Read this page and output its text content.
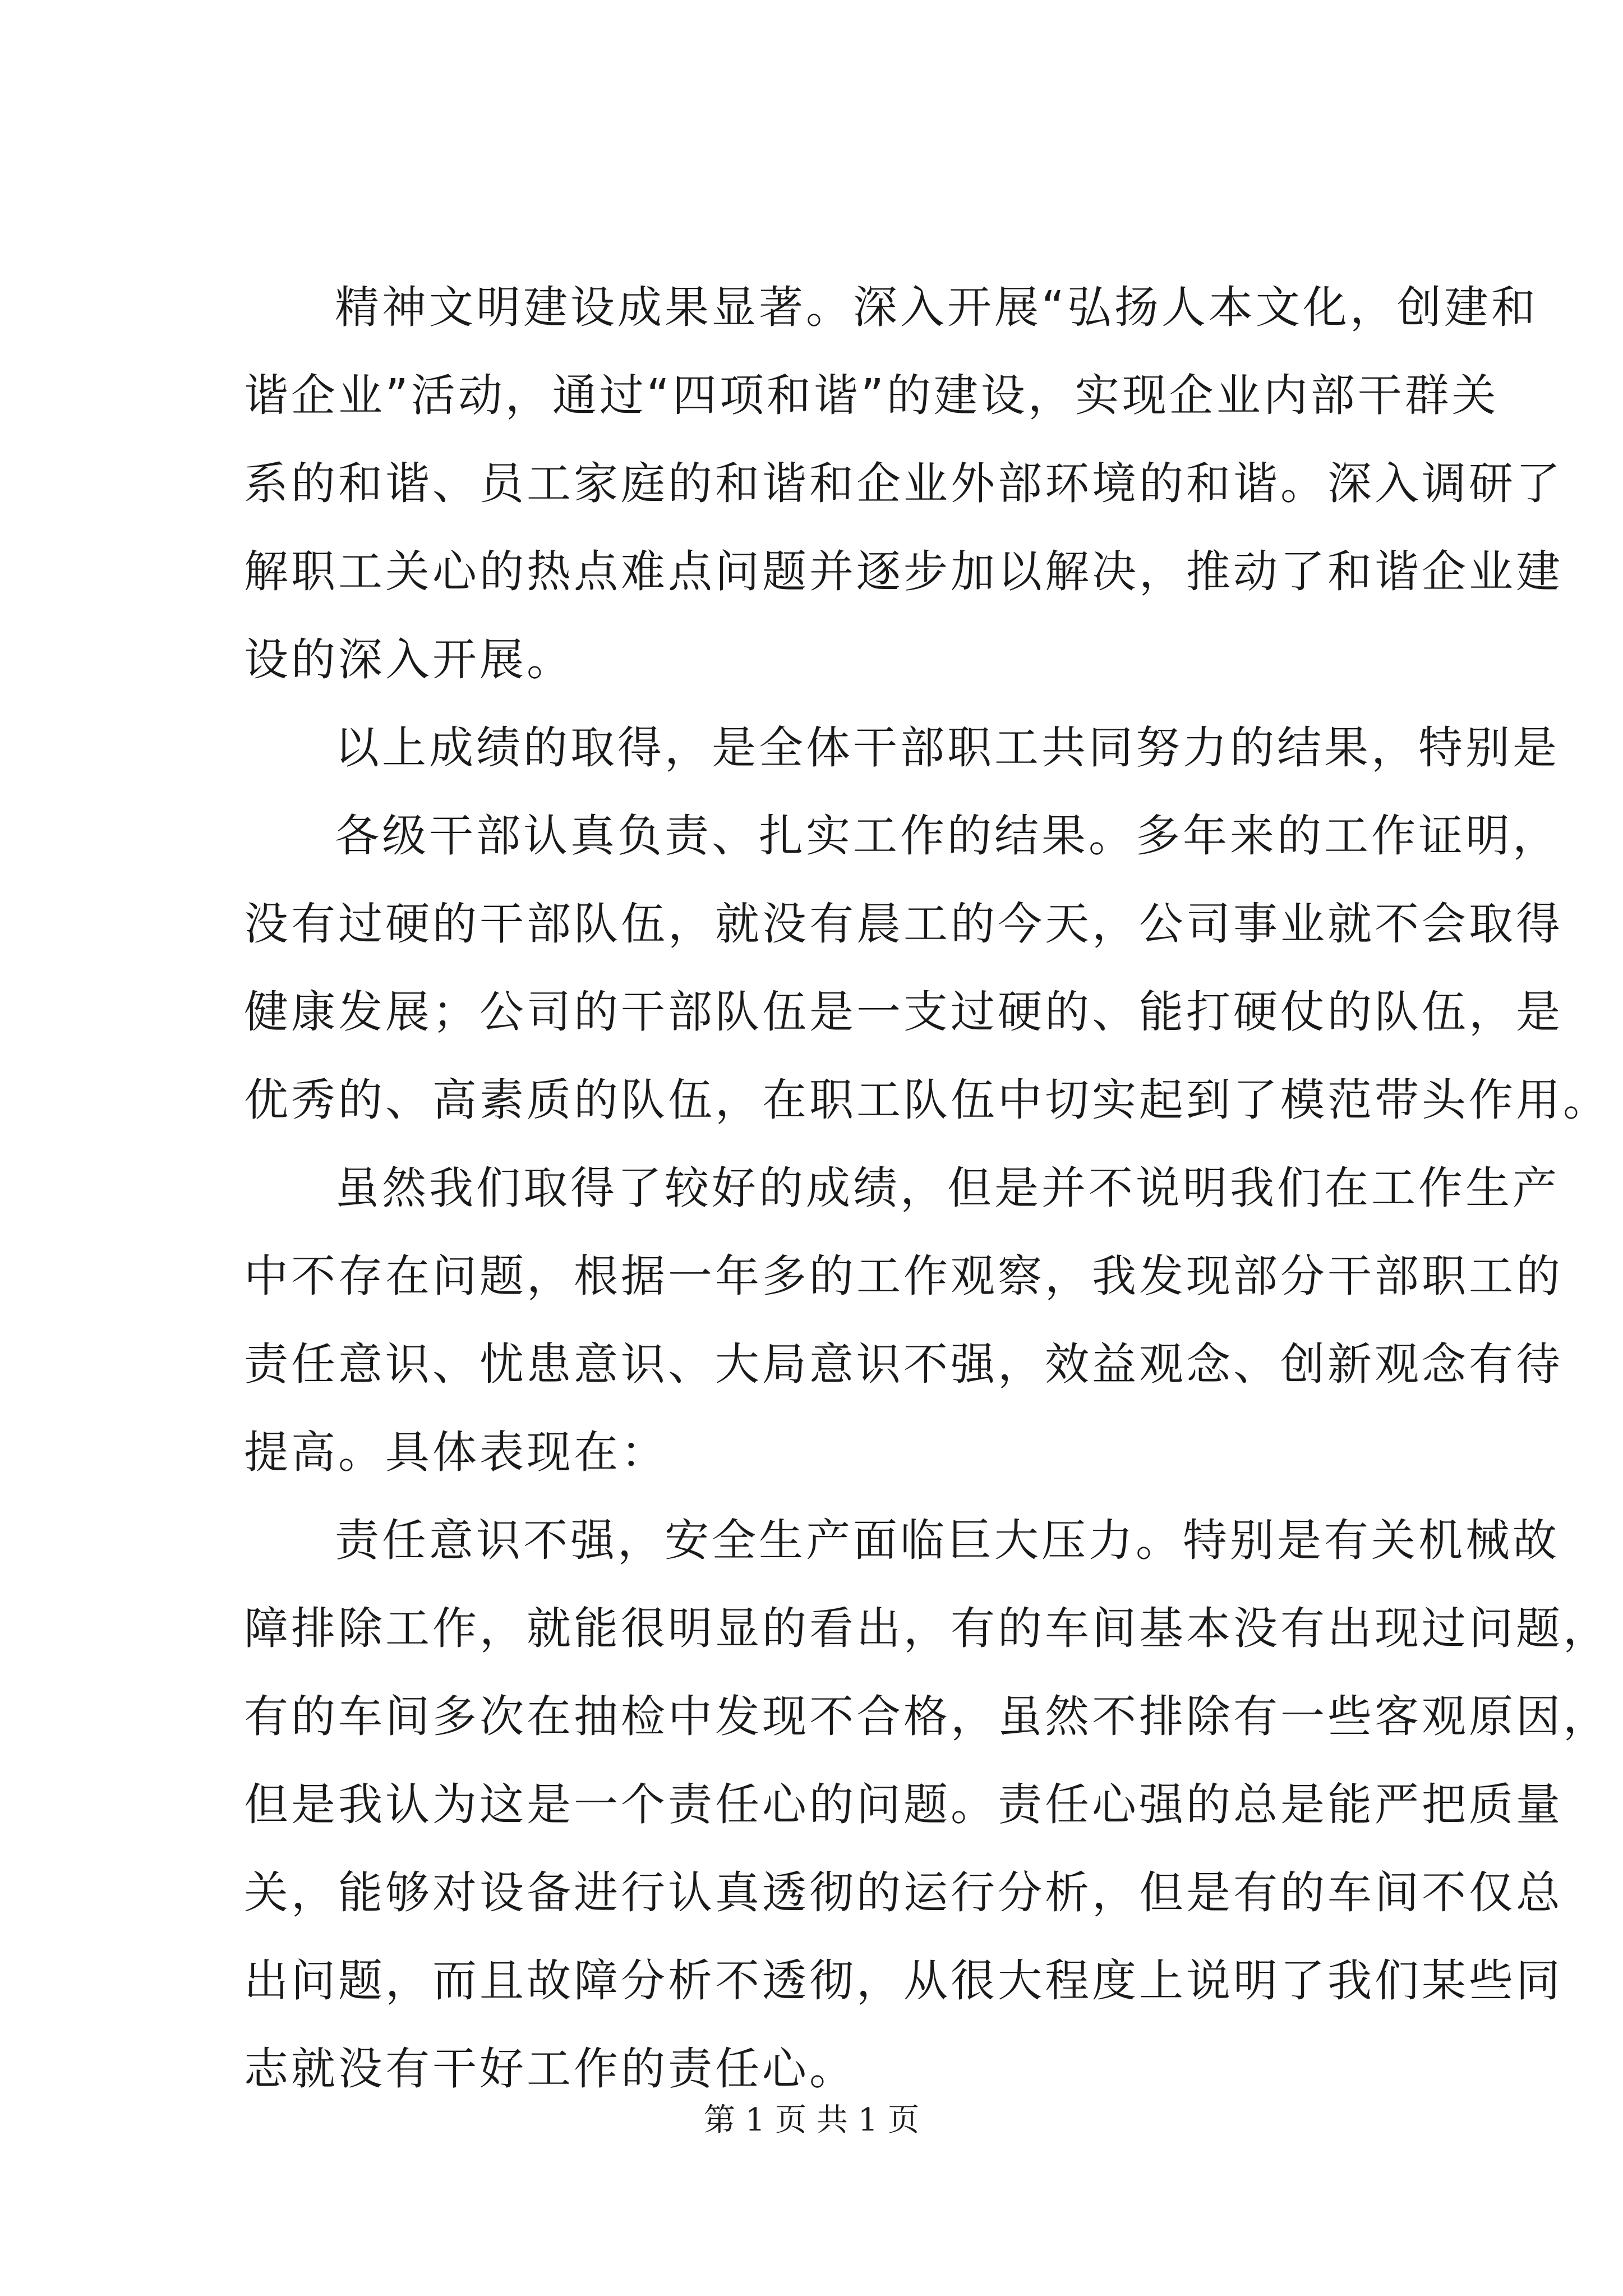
精神文明建设成果显著。深入开展“弘扬人本文化，创建和
谐企业”活动，通过“四项和谐”的建设，实现企业内部干群关
系的和谐、员工家庭的和谐和企业外部环境的和谐。深入调研了
解职工关心的热点难点问题并逐步加以解决，推动了和谐企业建
设的深入开展。
以上成绩的取得，是全体干部职工共同努力的结果，特别是
各级干部认真负责、扎实工作的结果。多年来的工作证明，
没有过硬的干部队伍，就没有晨工的今天，公司事业就不会取得
健康发展；公司的干部队伍是一支过硬的、能打硬仗的队伍，是
优秀的、高素质的队伍，在职工队伍中切实起到了模范带头作用。
虽然我们取得了较好的成绩，但是并不说明我们在工作生产
中不存在问题，根据一年多的工作观察，我发现部分干部职工的
责任意识、忧患意识、大局意识不强，效益观念、创新观念有待
提高。具体表现在：
责任意识不强，安全生产面临巨大压力。特别是有关机械故
障排除工作，就能很明显的看出，有的车间基本没有出现过问题，
有的车间多次在抽检中发现不合格，虽然不排除有一些客观原因，
但是我认为这是一个责任心的问题。责任心强的总是能严把质量
关，能够对设备进行认真透彻的运行分析，但是有的车间不仅总
出问题，而且故障分析不透彻，从很大程度上说明了我们某些同
志就没有干好工作的责任心。
第 1 页 共 1 页
